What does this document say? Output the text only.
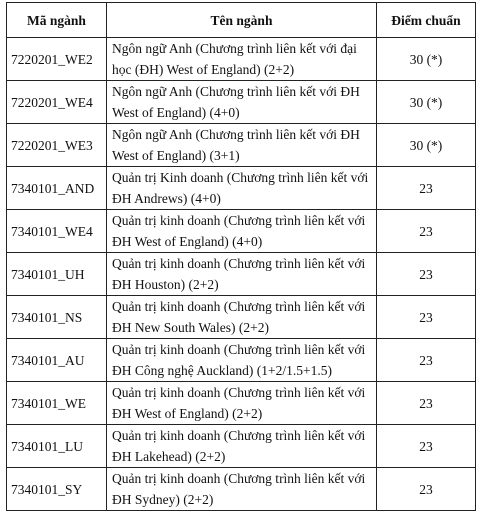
Mã ngành	Tên ngành	Điểm chuẩn
7220201_WE2	Ngôn ngữ Anh (Chương trình liên kết với đại học (ĐH) West of England) (2+2)	30 (*)
7220201_WE4	Ngôn ngữ Anh (Chương trình liên kết với ĐH West of England) (4+0)	30 (*)
7220201_WE3	Ngôn ngữ Anh (Chương trình liên kết với ĐH West of England) (3+1)	30 (*)
7340101_AND	Quản trị Kinh doanh (Chương trình liên kết với ĐH Andrews) (4+0)	23
7340101_WE4	Quản trị kinh doanh (Chương trình liên kết với ĐH West of England) (4+0)	23
7340101_UH	Quản trị kinh doanh (Chương trình liên kết với ĐH Houston) (2+2)	23
7340101_NS	Quản trị kinh doanh (Chương trình liên kết với ĐH New South Wales) (2+2)	23
7340101_AU	Quản trị kinh doanh (Chương trình liên kết với ĐH Công nghệ Auckland) (1+2/1.5+1.5)	23
7340101_WE	Quản trị kinh doanh (Chương trình liên kết với ĐH West of England) (2+2)	23
7340101_LU	Quản trị kinh doanh (Chương trình liên kết với ĐH Lakehead) (2+2)	23
7340101_SY	Quản trị kinh doanh (Chương trình liên kết với ĐH Sydney) (2+2)	23
